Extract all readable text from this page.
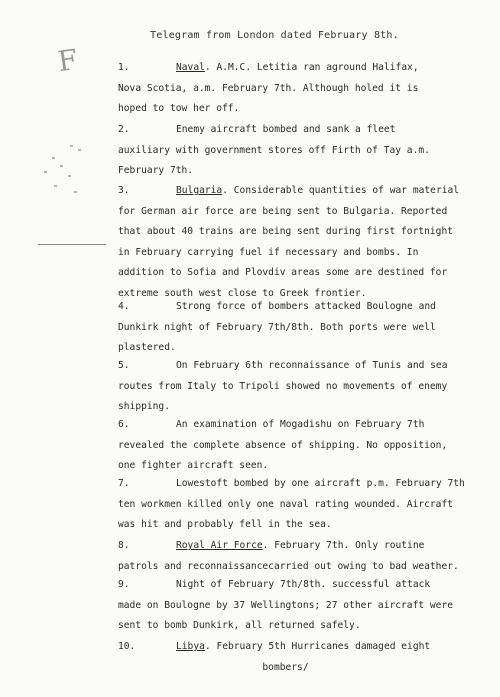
Telegram from London dated February 8th.
F	1.	Naval. A.M.C. Letitia ran aground Halifax,
Nova Scotia, a.m. February 7th. Although holed it is
hoped to tow her off.
2.	Enemy aircraft bombed and sank a fleet
auxiliary with government stores off Firth of Tay a.m.
February 7th.
3.	Bulgaria. Considerable quantities of war material
for German air force are being sent to Bulgaria. Reported
that about 40 trains are being sent during first fortnight
in February carrying fuel if necessary and bombs. In
addition to Sofia and Plovdiv areas some are destined for
extreme south west close to Greek frontier.
4.	Strong force of bombers attacked Boulogne and
Dunkirk night of February 7th/8th. Both ports were well
plastered.
5.	On February 6th reconnaissance of Tunis and sea
routes from Italy to Tripoli showed no movements of enemy
shipping.
6.	An examination of Mogadishu on February 7th
revealed the complete absence of shipping. No opposition,
one fighter aircraft seen.
7.	Lowestoft bombed by one aircraft p.m. February 7th
ten workmen killed only one naval rating wounded. Aircraft
was hit and probably fell in the sea.
8.	Royal Air Force. February 7th. Only routine
patrols and reconnaissancecarried out owing to bad weather.
9.	Night of February 7th/8th. successful attack
made on Boulogne by 37 Wellingtons; 27 other aircraft were
sent to bomb Dunkirk, all returned safely.
10.	Libya. February 5th Hurricanes damaged eight
bombers/
